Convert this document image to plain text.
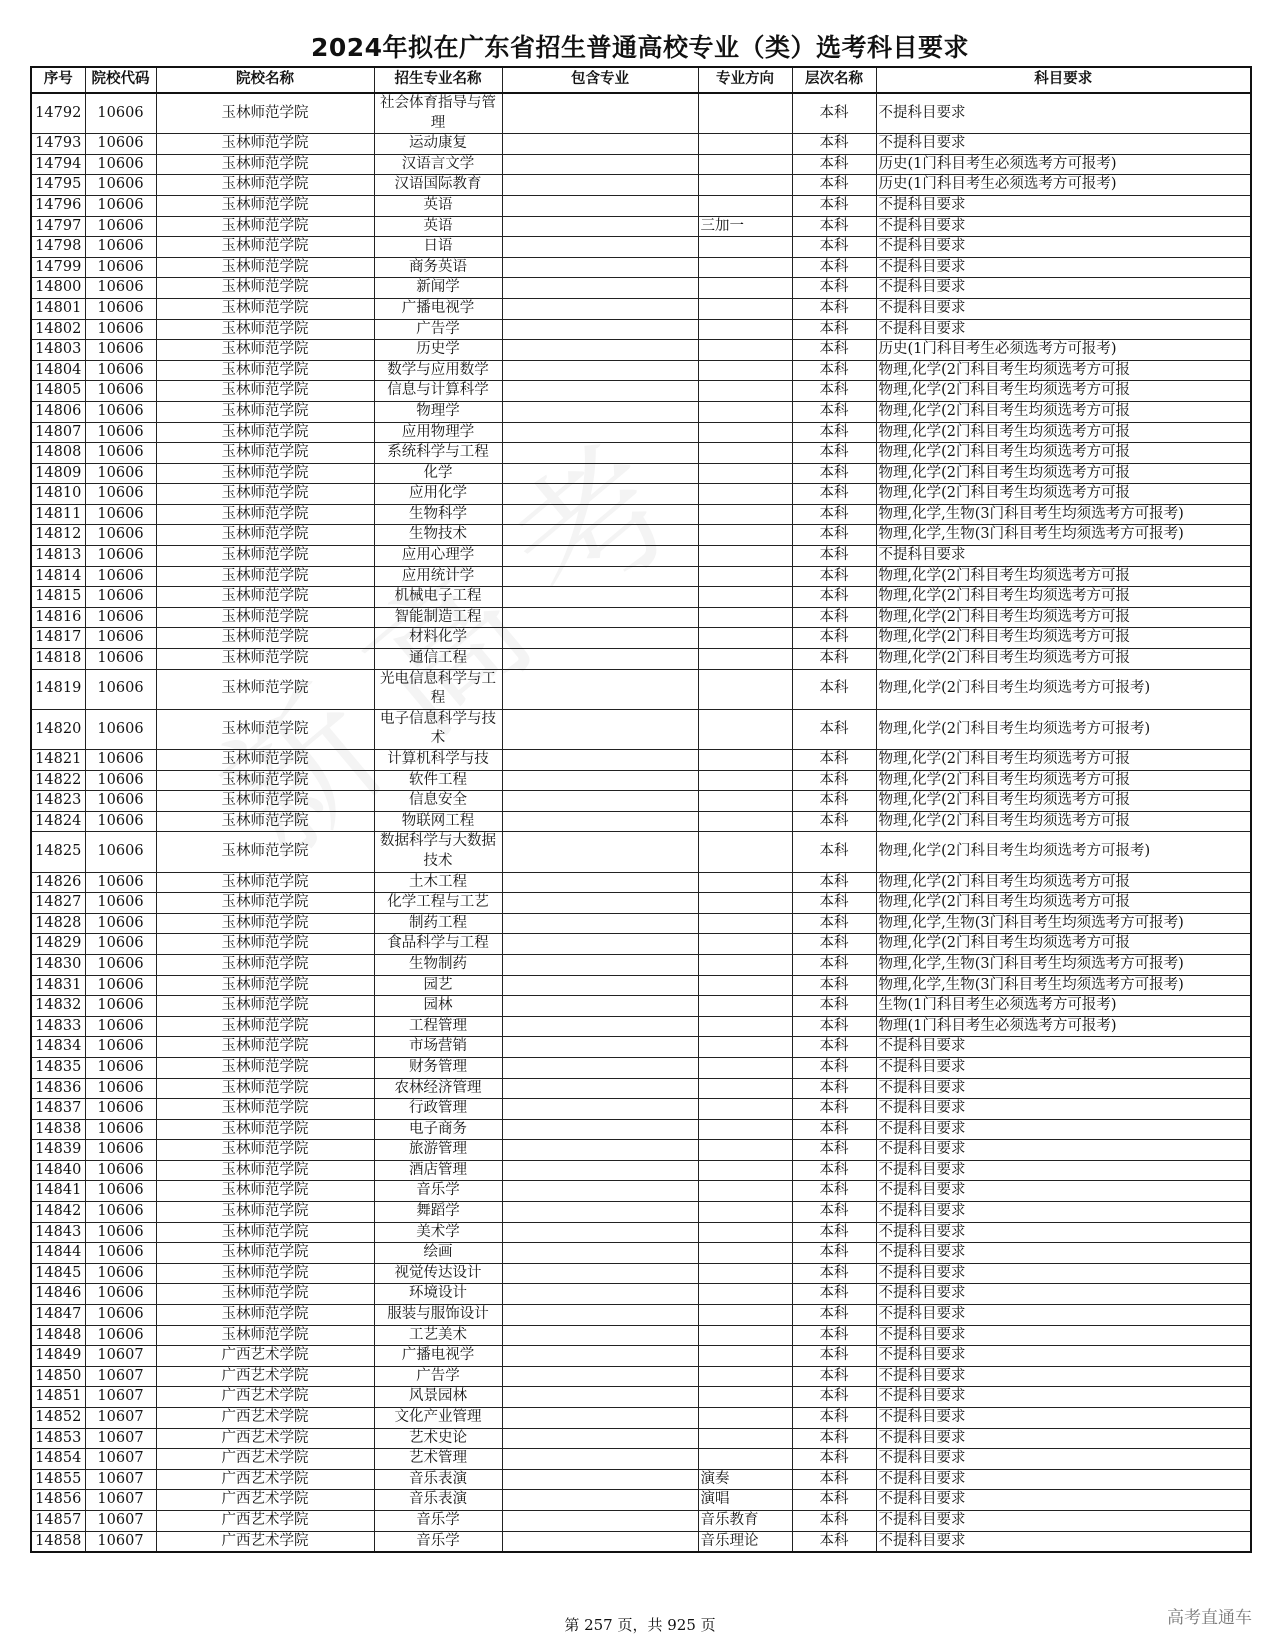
2024年拟在广东省招生普通高校专业（类）选考科目要求
序号	院校代码	院校名称	招生专业名称	包含专业	专业方向	层次名称	科目要求
14792	10606	玉林师范学院	社会体育指导与管理			本科	不提科目要求
14793	10606	玉林师范学院	运动康复			本科	不提科目要求
14794	10606	玉林师范学院	汉语言文学			本科	历史(1门科目考生必须选考方可报考)
14795	10606	玉林师范学院	汉语国际教育			本科	历史(1门科目考生必须选考方可报考)
14796	10606	玉林师范学院	英语			本科	不提科目要求
14797	10606	玉林师范学院	英语		三加一	本科	不提科目要求
14798	10606	玉林师范学院	日语			本科	不提科目要求
14799	10606	玉林师范学院	商务英语			本科	不提科目要求
14800	10606	玉林师范学院	新闻学			本科	不提科目要求
14801	10606	玉林师范学院	广播电视学			本科	不提科目要求
14802	10606	玉林师范学院	广告学			本科	不提科目要求
14803	10606	玉林师范学院	历史学			本科	历史(1门科目考生必须选考方可报考)
14804	10606	玉林师范学院	数学与应用数学			本科	物理,化学(2门科目考生均须选考方可报
14805	10606	玉林师范学院	信息与计算科学			本科	物理,化学(2门科目考生均须选考方可报
14806	10606	玉林师范学院	物理学			本科	物理,化学(2门科目考生均须选考方可报
14807	10606	玉林师范学院	应用物理学			本科	物理,化学(2门科目考生均须选考方可报
14808	10606	玉林师范学院	系统科学与工程			本科	物理,化学(2门科目考生均须选考方可报
14809	10606	玉林师范学院	化学			本科	物理,化学(2门科目考生均须选考方可报
14810	10606	玉林师范学院	应用化学			本科	物理,化学(2门科目考生均须选考方可报
14811	10606	玉林师范学院	生物科学			本科	物理,化学,生物(3门科目考生均须选考方可报考)
14812	10606	玉林师范学院	生物技术			本科	物理,化学,生物(3门科目考生均须选考方可报考)
14813	10606	玉林师范学院	应用心理学			本科	不提科目要求
14814	10606	玉林师范学院	应用统计学			本科	物理,化学(2门科目考生均须选考方可报
14815	10606	玉林师范学院	机械电子工程			本科	物理,化学(2门科目考生均须选考方可报
14816	10606	玉林师范学院	智能制造工程			本科	物理,化学(2门科目考生均须选考方可报
14817	10606	玉林师范学院	材料化学			本科	物理,化学(2门科目考生均须选考方可报
14818	10606	玉林师范学院	通信工程			本科	物理,化学(2门科目考生均须选考方可报
14819	10606	玉林师范学院	光电信息科学与工程			本科	物理,化学(2门科目考生均须选考方可报考)
14820	10606	玉林师范学院	电子信息科学与技术			本科	物理,化学(2门科目考生均须选考方可报考)
14821	10606	玉林师范学院	计算机科学与技			本科	物理,化学(2门科目考生均须选考方可报
14822	10606	玉林师范学院	软件工程			本科	物理,化学(2门科目考生均须选考方可报
14823	10606	玉林师范学院	信息安全			本科	物理,化学(2门科目考生均须选考方可报
14824	10606	玉林师范学院	物联网工程			本科	物理,化学(2门科目考生均须选考方可报
14825	10606	玉林师范学院	数据科学与大数据技术			本科	物理,化学(2门科目考生均须选考方可报考)
14826	10606	玉林师范学院	土木工程			本科	物理,化学(2门科目考生均须选考方可报
14827	10606	玉林师范学院	化学工程与工艺			本科	物理,化学(2门科目考生均须选考方可报
14828	10606	玉林师范学院	制药工程			本科	物理,化学,生物(3门科目考生均须选考方可报考)
14829	10606	玉林师范学院	食品科学与工程			本科	物理,化学(2门科目考生均须选考方可报
14830	10606	玉林师范学院	生物制药			本科	物理,化学,生物(3门科目考生均须选考方可报考)
14831	10606	玉林师范学院	园艺			本科	物理,化学,生物(3门科目考生均须选考方可报考)
14832	10606	玉林师范学院	园林			本科	生物(1门科目考生必须选考方可报考)
14833	10606	玉林师范学院	工程管理			本科	物理(1门科目考生必须选考方可报考)
14834	10606	玉林师范学院	市场营销			本科	不提科目要求
14835	10606	玉林师范学院	财务管理			本科	不提科目要求
14836	10606	玉林师范学院	农林经济管理			本科	不提科目要求
14837	10606	玉林师范学院	行政管理			本科	不提科目要求
14838	10606	玉林师范学院	电子商务			本科	不提科目要求
14839	10606	玉林师范学院	旅游管理			本科	不提科目要求
14840	10606	玉林师范学院	酒店管理			本科	不提科目要求
14841	10606	玉林师范学院	音乐学			本科	不提科目要求
14842	10606	玉林师范学院	舞蹈学			本科	不提科目要求
14843	10606	玉林师范学院	美术学			本科	不提科目要求
14844	10606	玉林师范学院	绘画			本科	不提科目要求
14845	10606	玉林师范学院	视觉传达设计			本科	不提科目要求
14846	10606	玉林师范学院	环境设计			本科	不提科目要求
14847	10606	玉林师范学院	服装与服饰设计			本科	不提科目要求
14848	10606	玉林师范学院	工艺美术			本科	不提科目要求
14849	10607	广西艺术学院	广播电视学			本科	不提科目要求
14850	10607	广西艺术学院	广告学			本科	不提科目要求
14851	10607	广西艺术学院	风景园林			本科	不提科目要求
14852	10607	广西艺术学院	文化产业管理			本科	不提科目要求
14853	10607	广西艺术学院	艺术史论			本科	不提科目要求
14854	10607	广西艺术学院	艺术管理			本科	不提科目要求
14855	10607	广西艺术学院	音乐表演		演奏	本科	不提科目要求
14856	10607	广西艺术学院	音乐表演		演唱	本科	不提科目要求
14857	10607	广西艺术学院	音乐学		音乐教育	本科	不提科目要求
14858	10607	广西艺术学院	音乐学		音乐理论	本科	不提科目要求
第 257 页，共 925 页	高考直通车
